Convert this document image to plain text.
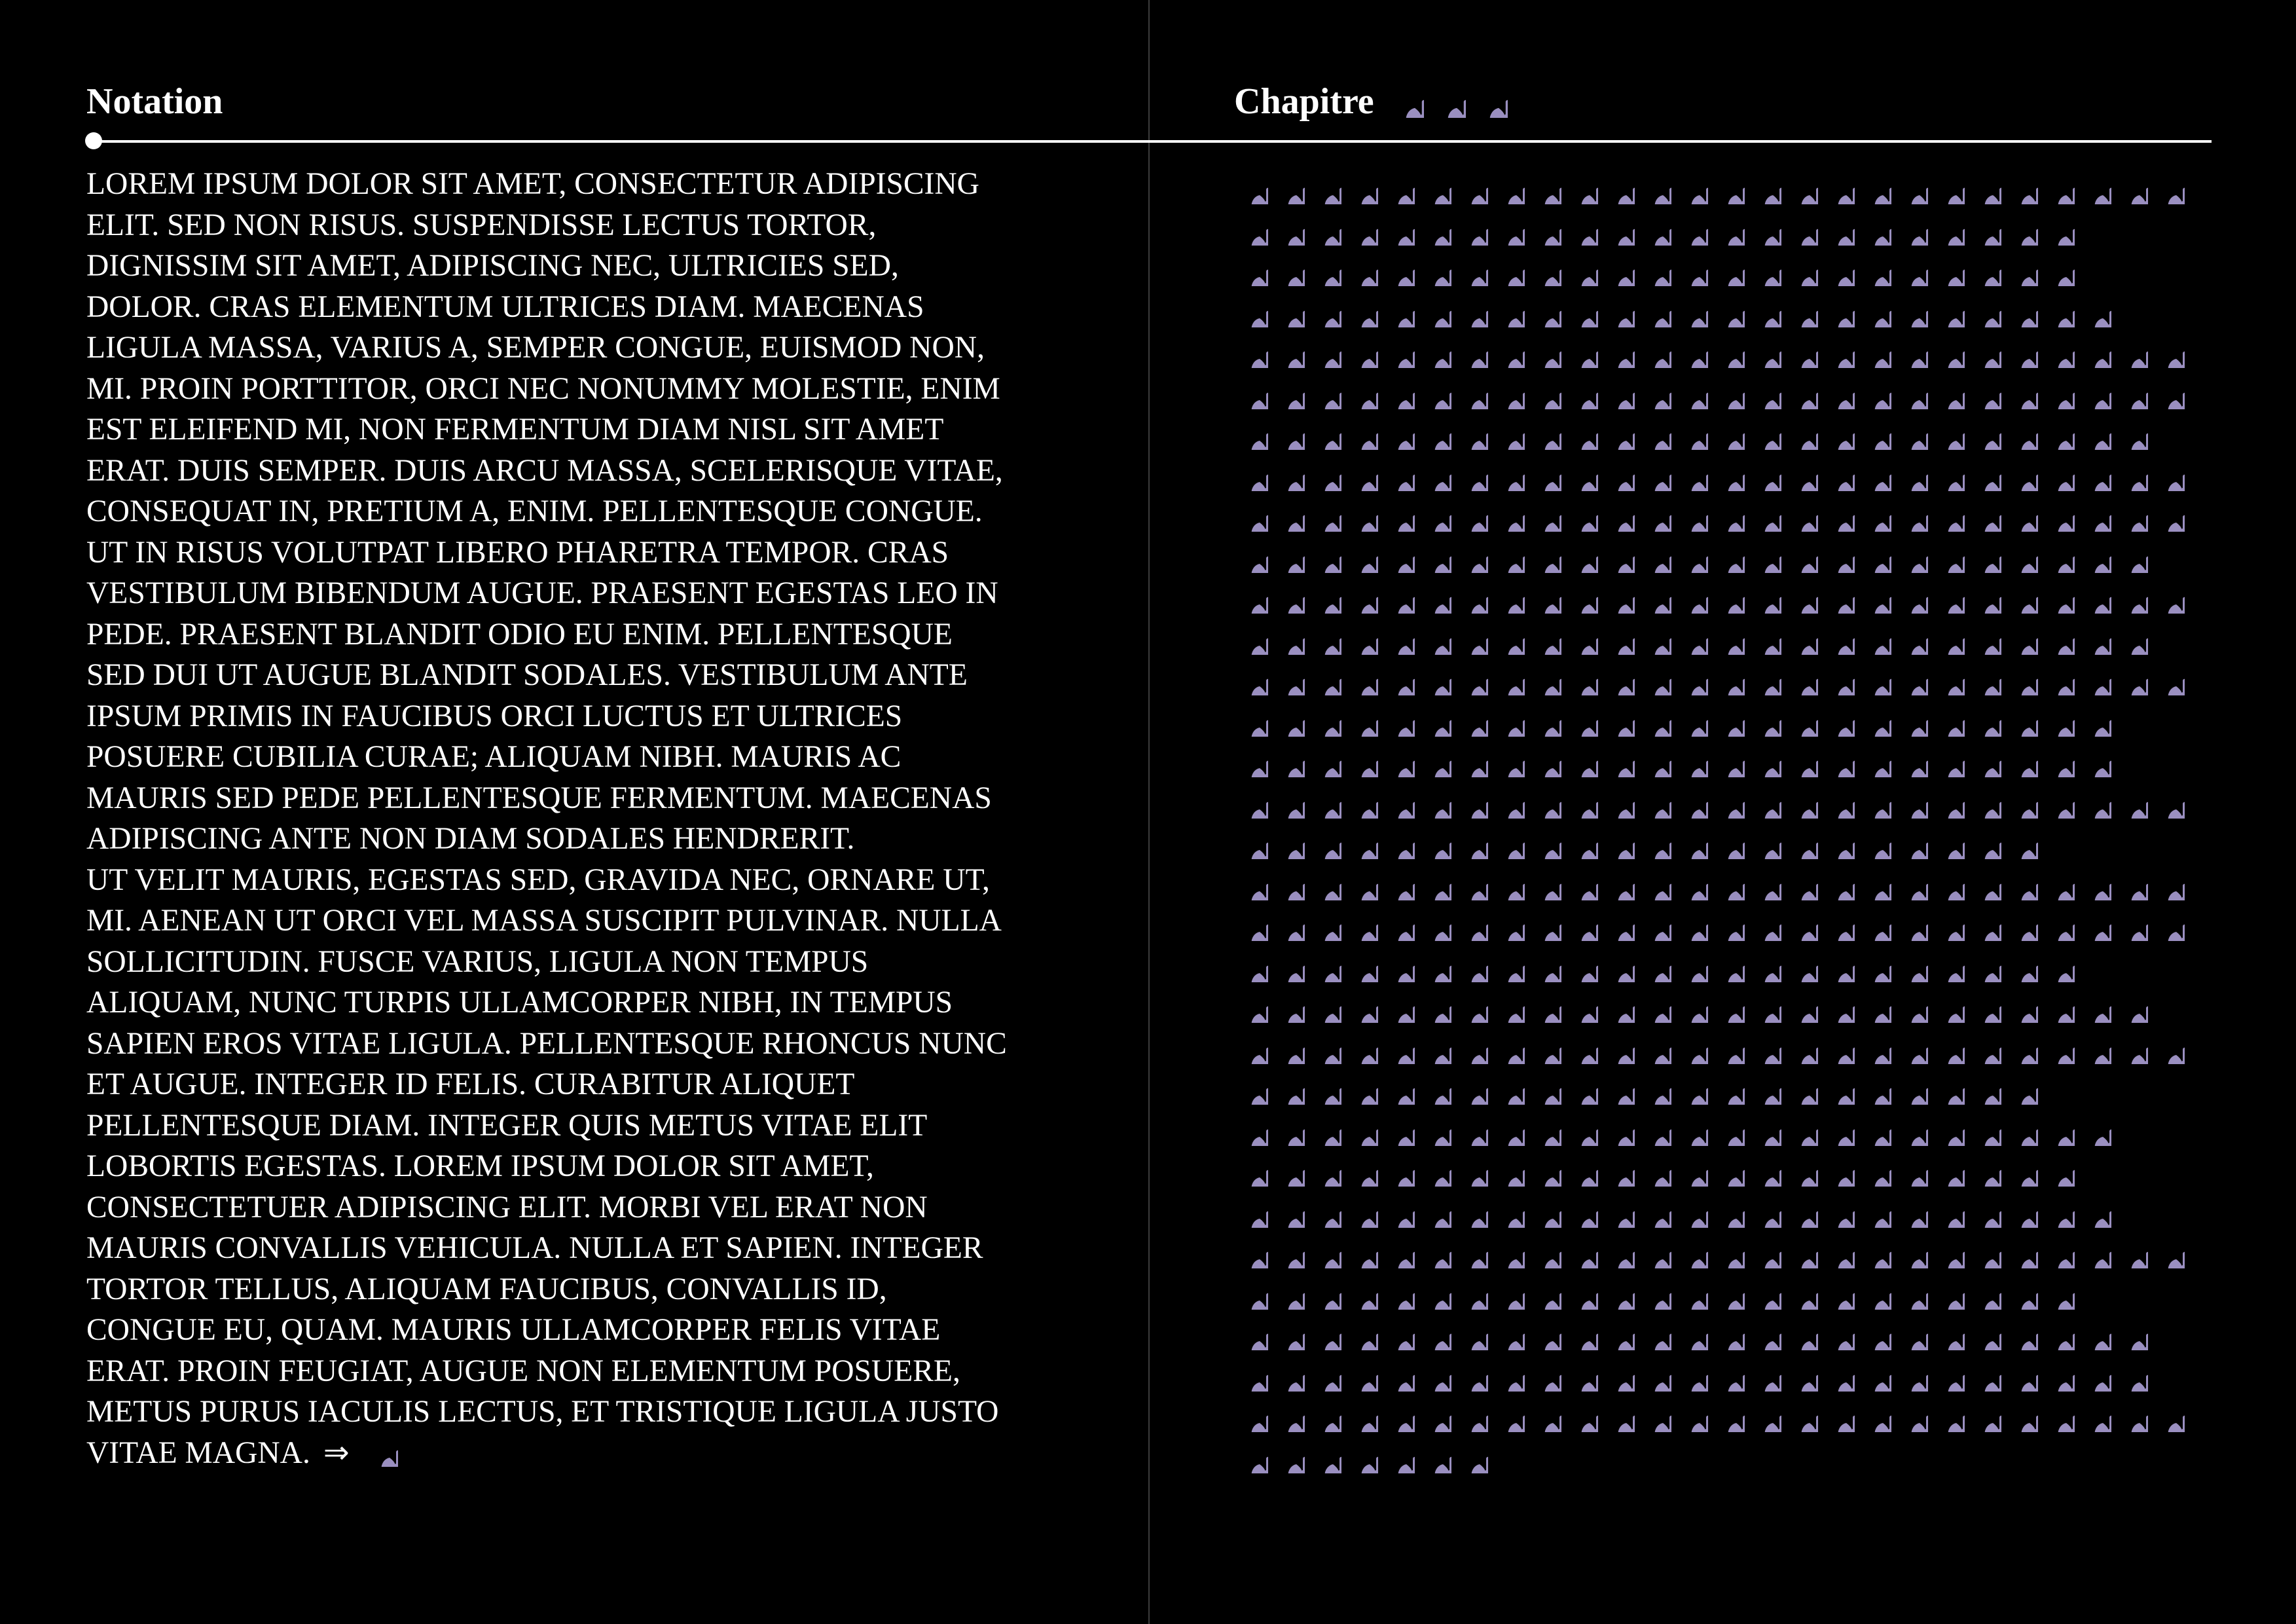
Notation	Chapitre
LOREM IPSUM DOLOR SIT AMET, CONSECTETUR ADIPISCING
ELIT. SED NON RISUS. SUSPENDISSE LECTUS TORTOR,
DIGNISSIM SIT AMET, ADIPISCING NEC, ULTRICIES SED,
DOLOR. CRAS ELEMENTUM ULTRICES DIAM. MAECENAS
LIGULA MASSA, VARIUS A, SEMPER CONGUE, EUISMOD NON,
MI. PROIN PORTTITOR, ORCI NEC NONUMMY MOLESTIE, ENIM
EST ELEIFEND MI, NON FERMENTUM DIAM NISL SIT AMET
ERAT. DUIS SEMPER. DUIS ARCU MASSA, SCELERISQUE VITAE,
CONSEQUAT IN, PRETIUM A, ENIM. PELLENTESQUE CONGUE.
UT IN RISUS VOLUTPAT LIBERO PHARETRA TEMPOR. CRAS
VESTIBULUM BIBENDUM AUGUE. PRAESENT EGESTAS LEO IN
PEDE. PRAESENT BLANDIT ODIO EU ENIM. PELLENTESQUE
SED DUI UT AUGUE BLANDIT SODALES. VESTIBULUM ANTE
IPSUM PRIMIS IN FAUCIBUS ORCI LUCTUS ET ULTRICES
POSUERE CUBILIA CURAE; ALIQUAM NIBH. MAURIS AC
MAURIS SED PEDE PELLENTESQUE FERMENTUM. MAECENAS
ADIPISCING ANTE NON DIAM SODALES HENDRERIT.
UT VELIT MAURIS, EGESTAS SED, GRAVIDA NEC, ORNARE UT,
MI. AENEAN UT ORCI VEL MASSA SUSCIPIT PULVINAR. NULLA
SOLLICITUDIN. FUSCE VARIUS, LIGULA NON TEMPUS
ALIQUAM, NUNC TURPIS ULLAMCORPER NIBH, IN TEMPUS
SAPIEN EROS VITAE LIGULA. PELLENTESQUE RHONCUS NUNC
ET AUGUE. INTEGER ID FELIS. CURABITUR ALIQUET
PELLENTESQUE DIAM. INTEGER QUIS METUS VITAE ELIT
LOBORTIS EGESTAS. LOREM IPSUM DOLOR SIT AMET,
CONSECTETUER ADIPISCING ELIT. MORBI VEL ERAT NON
MAURIS CONVALLIS VEHICULA. NULLA ET SAPIEN. INTEGER
TORTOR TELLUS, ALIQUAM FAUCIBUS, CONVALLIS ID,
CONGUE EU, QUAM. MAURIS ULLAMCORPER FELIS VITAE
ERAT. PROIN FEUGIAT, AUGUE NON ELEMENTUM POSUERE,
METUS PURUS IACULIS LECTUS, ET TRISTIQUE LIGULA JUSTO
VITAE MAGNA. ⇒
